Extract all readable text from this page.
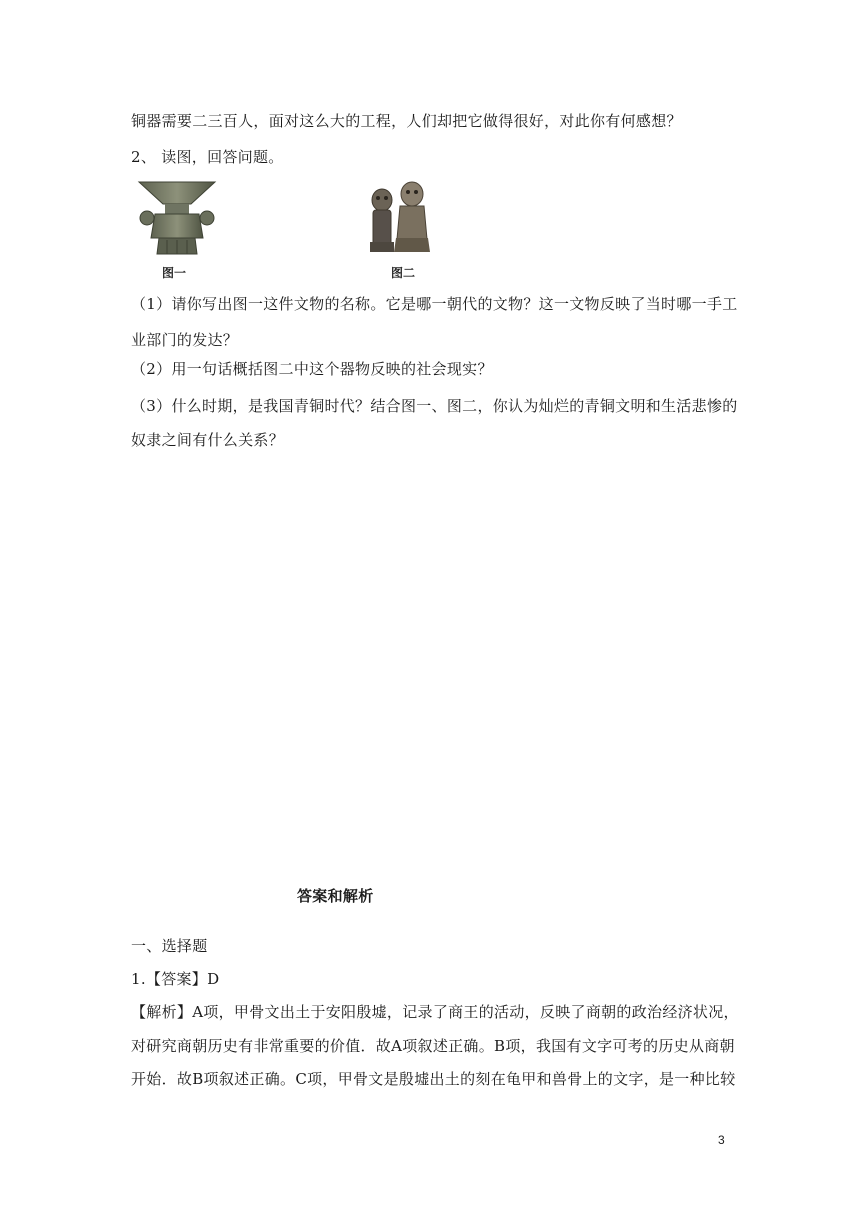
铜器需要二三百人，面对这么大的工程，人们却把它做得很好，对此你有何感想？
2、 读图，回答问题。
图一	图二
（1）请你写出图一这件文物的名称。它是哪一朝代的文物？这一文物反映了当时哪一手工
业部门的发达？
（2）用一句话概括图二中这个器物反映的社会现实？
（3）什么时期，是我国青铜时代？结合图一、图二，你认为灿烂的青铜文明和生活悲惨的
奴隶之间有什么关系？
答案和解析
一、选择题
1.【答案】D
【解析】A项，甲骨文出土于安阳殷墟，记录了商王的活动，反映了商朝的政治经济状况，
对研究商朝历史有非常重要的价值．故A项叙述正确。B项，我国有文字可考的历史从商朝
开始．故B项叙述正确。C项，甲骨文是殷墟出土的刻在龟甲和兽骨上的文字，是一种比较
3
